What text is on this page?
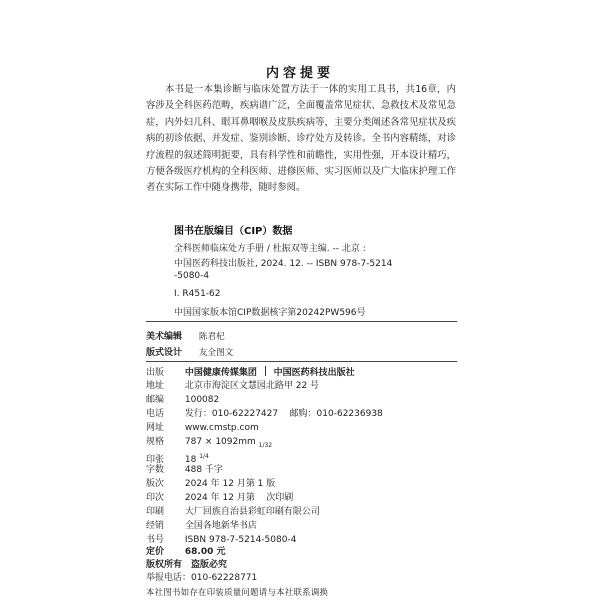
内容提要

本书是一本集诊断与临床处置方法于一体的实用工具书，共16章，内容涉及全科医药范畴，疾病谱广泛，全面覆盖常见症状、急救技术及常见急症，内外妇儿科、眼耳鼻咽喉及皮肤疾病等，主要分类阐述各常见症状及疾病的初诊依据、并发症、鉴别诊断、诊疗处方及转诊。全书内容精练，对诊疗流程的叙述简明扼要，具有科学性和前瞻性，实用性强，开本设计精巧，方便各级医疗机构的全科医师、进修医师、实习医师以及广大临床护理工作者在实际工作中随身携带，随时参阅。

图书在版编目（CIP）数据
全科医师临床处方手册 / 杜振双等主编. -- 北京 :
中国医药科技出版社, 2024. 12. -- ISBN 978-7-5214
-5080-4
Ⅰ. R451-62
中国国家版本馆CIP数据核字第20242PW596号
美术编辑 陈君杞
版式设计 友全图文
出版 中国健康传媒集团 中国医药科技出版社
地址 北京市海淀区文慧园北路甲 22 号
邮编 100082
电话 发行：010-62227427    邮购：010-62236938
网址 www.cmstp.com
规格 787 × 1092mm $_{1/32}$
印张 18 $^{1/4}$
字数 488 千字
版次 2024 年 12 月第 1 版
印次 2024 年 12 月第    次印刷
印刷 大厂回族自治县彩虹印刷有限公司
经销 全国各地新华书店
书号 ISBN 978-7-5214-5080-4
定价 68.00 元
本社图书如存在印装质量问题请与本社联系调换
版权所有　盗版必究
举报电话：010-62228771
